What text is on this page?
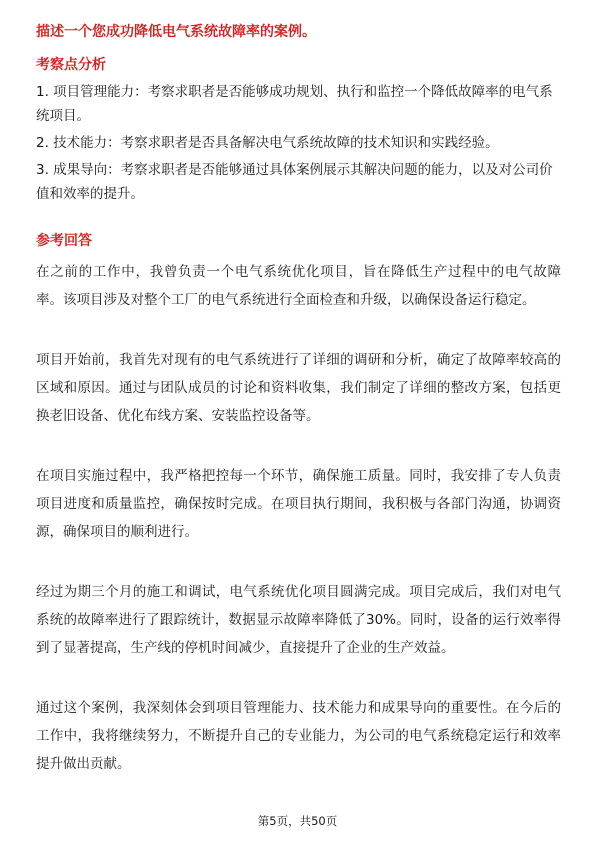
描述一个您成功降低电气系统故障率的案例。
考察点分析
1. 项目管理能力：考察求职者是否能够成功规划、执行和监控一个降低故障率的电气系统项目。
2. 技术能力：考察求职者是否具备解决电气系统故障的技术知识和实践经验。
3. 成果导向：考察求职者是否能够通过具体案例展示其解决问题的能力，以及对公司价值和效率的提升。
参考回答

在之前的工作中，我曾负责一个电气系统优化项目，旨在降低生产过程中的电气故障率。该项目涉及对整个工厂的电气系统进行全面检查和升级，以确保设备运行稳定。

项目开始前，我首先对现有的电气系统进行了详细的调研和分析，确定了故障率较高的区域和原因。通过与团队成员的讨论和资料收集，我们制定了详细的整改方案，包括更换老旧设备、优化布线方案、安装监控设备等。

在项目实施过程中，我严格把控每一个环节，确保施工质量。同时，我安排了专人负责项目进度和质量监控，确保按时完成。在项目执行期间，我积极与各部门沟通，协调资源，确保项目的顺利进行。

经过为期三个月的施工和调试，电气系统优化项目圆满完成。项目完成后，我们对电气系统的故障率进行了跟踪统计，数据显示故障率降低了30%。同时，设备的运行效率得到了显著提高，生产线的停机时间减少，直接提升了企业的生产效益。

通过这个案例，我深刻体会到项目管理能力、技术能力和成果导向的重要性。在今后的工作中，我将继续努力，不断提升自己的专业能力，为公司的电气系统稳定运行和效率提升做出贡献。

第5页，共50页
